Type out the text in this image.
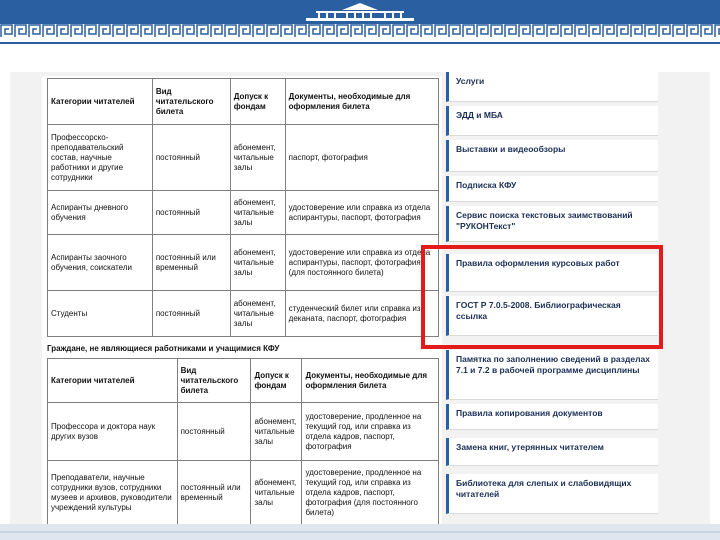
Категории читателей	Вид читательского билета	Допуск к фондам	Документы, необходимые для оформления билета
Профессорско-преподавательский состав, научные работники и другие сотрудники	постоянный	абонемент, читальные залы	паспорт, фотография
Аспиранты дневного обучения	постоянный	абонемент, читальные залы	удостоверение или справка из отдела аспирантуры, паспорт, фотография
Аспиранты заочного обучения, соискатели	постоянный или временный	абонемент, читальные залы	удостоверение или справка из отдела аспирантуры, паспорт, фотография (для постоянного билета)
Студенты	постоянный	абонемент, читальные залы	студенческий билет или справка из деканата, паспорт, фотография
Граждане, не являющиеся работниками и учащимися КФУ
Категории читателей	Вид читательского билета	Допуск к фондам	Документы, необходимые для оформления билета
Профессора и доктора наук других вузов	постоянный	абонемент, читальные залы	удостоверение, продленное на текущий год, или справка из отдела кадров, паспорт, фотография
Преподаватели, научные сотрудники вузов, сотрудники музеев и архивов, руководители учреждений культуры	постоянный или временный	абонемент, читальные залы	удостоверение, продленное на текущий год, или справка из отдела кадров, паспорт, фотография (для постоянного билета)
Услуги
ЭДД и МБА
Выставки и видеообзоры
Подписка КФУ
Сервис поиска текстовых заимствований "РУКОНТекст"
Правила оформления курсовых работ
ГОСТ Р 7.0.5-2008. Библиографическая ссылка
Памятка по заполнению сведений в разделах 7.1 и 7.2 в рабочей программе дисциплины
Правила копирования документов
Замена книг, утерянных читателем
Библиотека для слепых и слабовидящих читателей
